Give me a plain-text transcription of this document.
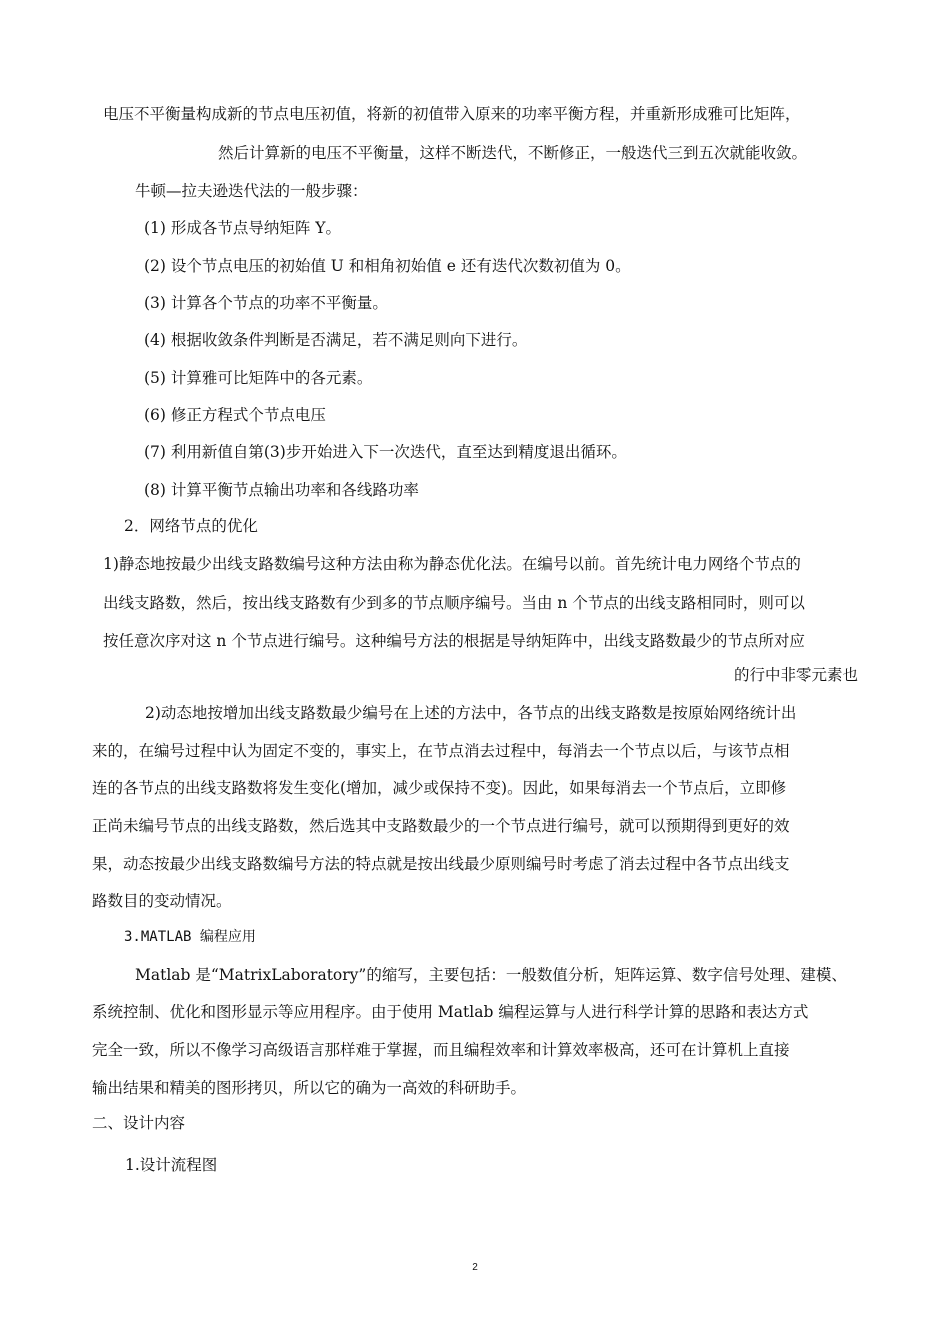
电压不平衡量构成新的节点电压初值，将新的初值带入原来的功率平衡方程，并重新形成雅可比矩阵，
然后计算新的电压不平衡量，这样不断迭代，不断修正，一般迭代三到五次就能收敛。
牛顿—拉夫逊迭代法的一般步骤：
(1) 形成各节点导纳矩阵 Y。
(2) 设个节点电压的初始值 U 和相角初始值 e 还有迭代次数初值为 0。
(3) 计算各个节点的功率不平衡量。
(4) 根据收敛条件判断是否满足，若不满足则向下进行。
(5) 计算雅可比矩阵中的各元素。
(6) 修正方程式个节点电压
(7) 利用新值自第(3)步开始进入下一次迭代，直至达到精度退出循环。
(8) 计算平衡节点输出功率和各线路功率
2．网络节点的优化
1)静态地按最少出线支路数编号这种方法由称为静态优化法。在编号以前。首先统计电力网络个节点的
出线支路数，然后，按出线支路数有少到多的节点顺序编号。当由 n 个节点的出线支路相同时，则可以
按任意次序对这 n 个节点进行编号。这种编号方法的根据是导纳矩阵中，出线支路数最少的节点所对应
的行中非零元素也
2)动态地按增加出线支路数最少编号在上述的方法中，各节点的出线支路数是按原始网络统计出
来的，在编号过程中认为固定不变的，事实上，在节点消去过程中，每消去一个节点以后，与该节点相
连的各节点的出线支路数将发生变化(增加，减少或保持不变)。因此，如果每消去一个节点后，立即修
正尚未编号节点的出线支路数，然后选其中支路数最少的一个节点进行编号，就可以预期得到更好的效
果，动态按最少出线支路数编号方法的特点就是按出线最少原则编号时考虑了消去过程中各节点出线支
路数目的变动情况。
3.MATLAB 编程应用
Matlab 是“MatrixLaboratory”的缩写，主要包括：一般数值分析，矩阵运算、数字信号处理、建模、
系统控制、优化和图形显示等应用程序。由于使用 Matlab 编程运算与人进行科学计算的思路和表达方式
完全一致，所以不像学习高级语言那样难于掌握，而且编程效率和计算效率极高，还可在计算机上直接
输出结果和精美的图形拷贝，所以它的确为一高效的科研助手。
二、设计内容
1.设计流程图
2
